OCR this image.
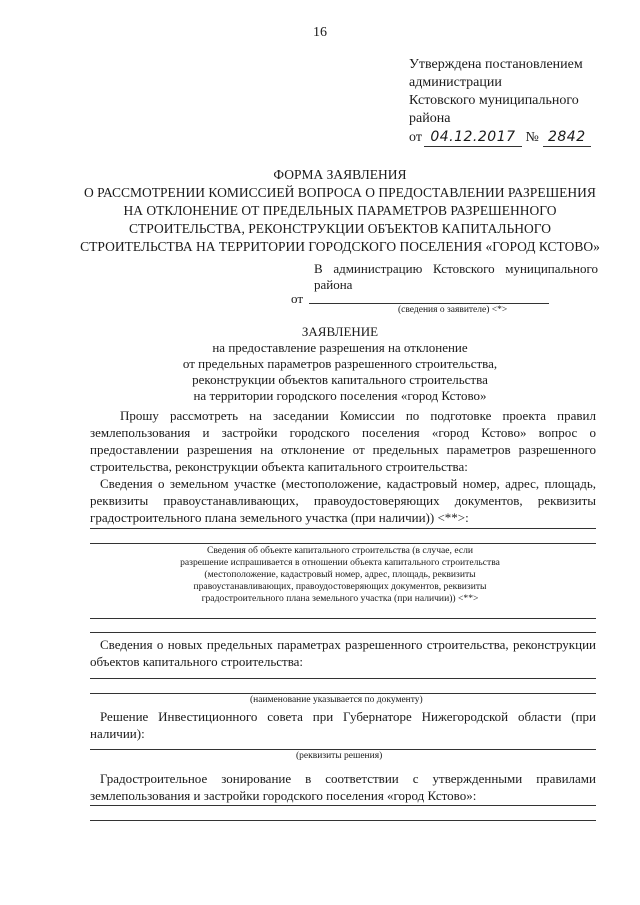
16
Утверждена постановлением
администрации
Кстовского муниципального
района
от 04.12.2017 № 2842
ФОРМА ЗАЯВЛЕНИЯ
О РАССМОТРЕНИИ КОМИССИЕЙ ВОПРОСА О ПРЕДОСТАВЛЕНИИ РАЗРЕШЕНИЯ
НА ОТКЛОНЕНИЕ ОТ ПРЕДЕЛЬНЫХ ПАРАМЕТРОВ РАЗРЕШЕННОГО
СТРОИТЕЛЬСТВА, РЕКОНСТРУКЦИИ ОБЪЕКТОВ КАПИТАЛЬНОГО
СТРОИТЕЛЬСТВА НА ТЕРРИТОРИИ ГОРОДСКОГО ПОСЕЛЕНИЯ «ГОРОД КСТОВО»
В администрацию Кстовского муниципального
района
от
(сведения о заявителе) <*>
ЗАЯВЛЕНИЕ
на предоставление разрешения на отклонение
от предельных параметров разрешенного строительства,
реконструкции объектов капитального строительства
на территории городского поселения «город Кстово»
Прошу рассмотреть на заседании Комиссии по подготовке проекта правил землепользования и застройки городского поселения «город Кстово» вопрос о предоставлении разрешения на отклонение от предельных параметров разрешенного строительства, реконструкции объекта капитального строительства:
Сведения о земельном участке (местоположение, кадастровый номер, адрес, площадь, реквизиты правоустанавливающих, правоудостоверяющих документов, реквизиты градостроительного плана земельного участка (при наличии)) <**>:
Сведения об объекте капитального строительства (в случае, если
разрешение испрашивается в отношении объекта капитального строительства
(местоположение, кадастровый номер, адрес, площадь, реквизиты
правоустанавливающих, правоудостоверяющих документов, реквизиты
градостроительного плана земельного участка (при наличии)) <**>
Сведения о новых предельных параметрах разрешенного строительства, реконструкции объектов капитального строительства:
(наименование указывается по документу)
Решение Инвестиционного совета при Губернаторе Нижегородской области (при наличии):
(реквизиты решения)
Градостроительное зонирование в соответствии с утвержденными правилами землепользования и застройки городского поселения «город Кстово»:
